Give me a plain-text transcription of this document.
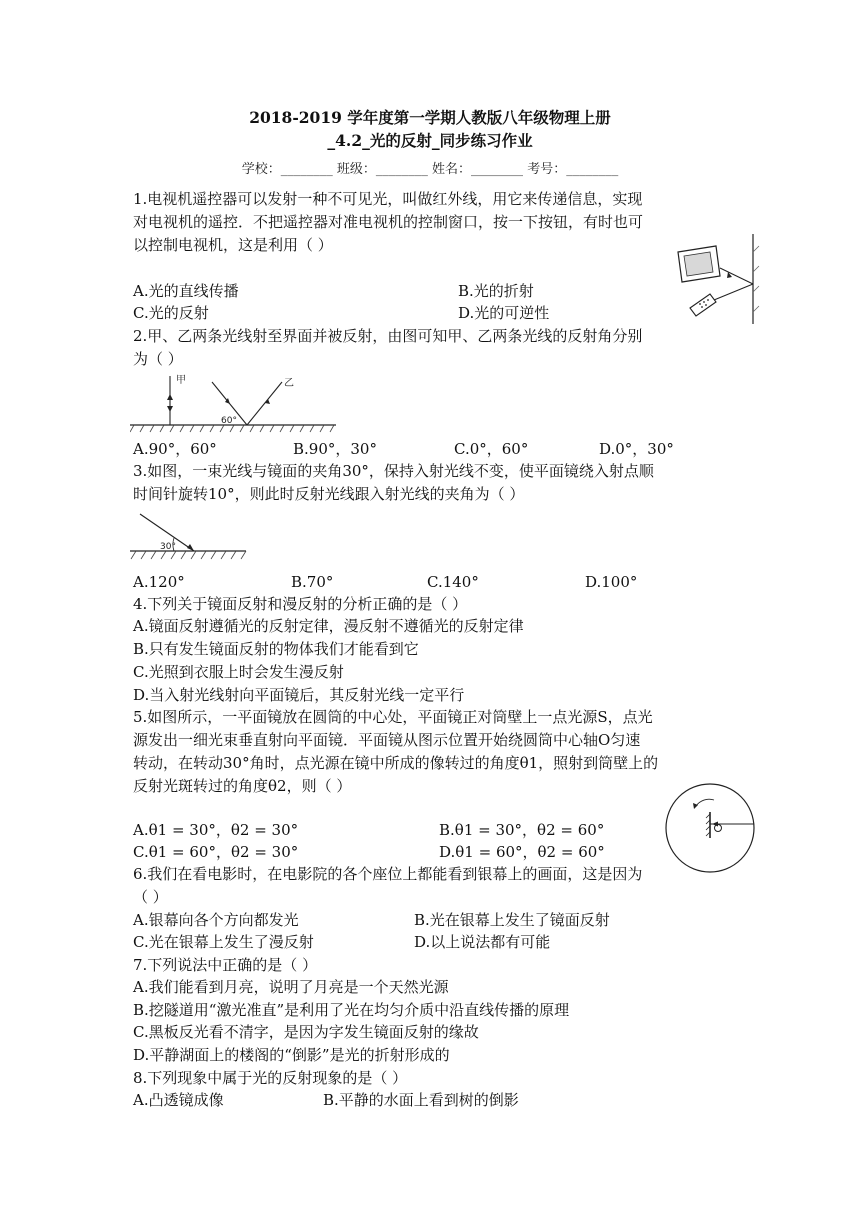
2018-2019 学年度第一学期人教版八年级物理上册
_4.2_光的反射_同步练习作业
学校：________ 班级：________ 姓名：________ 考号：________
1.电视机遥控器可以发射一种不可见光，叫做红外线，用它来传递信息，实现
对电视机的遥控．不把遥控器对准电视机的控制窗口，按一下按钮，有时也可
以控制电视机，这是利用（ ）
A.光的直线传播	B.光的折射
C.光的反射	D.光的可逆性
2.甲、乙两条光线射至界面并被反射，由图可知甲、乙两条光线的反射角分别
为（ ）
甲	乙
60°
A.90°，60°	B.90°，30°	C.0°，60°	D.0°，30°
3.如图，一束光线与镜面的夹角30°，保持入射光线不变，使平面镜绕入射点顺
时间针旋转10°，则此时反射光线跟入射光线的夹角为（ ）
30°
A.120°	B.70°	C.140°	D.100°
4.下列关于镜面反射和漫反射的分析正确的是（ ）
A.镜面反射遵循光的反射定律，漫反射不遵循光的反射定律
B.只有发生镜面反射的物体我们才能看到它
C.光照到衣服上时会发生漫反射
D.当入射光线射向平面镜后，其反射光线一定平行
5.如图所示，一平面镜放在圆筒的中心处，平面镜正对筒壁上一点光源S，点光
源发出一细光束垂直射向平面镜．平面镜从图示位置开始绕圆筒中心轴O匀速
转动，在转动30°角时，点光源在镜中所成的像转过的角度θ1，照射到筒壁上的
反射光斑转过的角度θ2，则（ ）
A.θ1 = 30°，θ2 = 30°	B.θ1 = 30°，θ2 = 60°
C.θ1 = 60°，θ2 = 30°	D.θ1 = 60°，θ2 = 60°
6.我们在看电影时，在电影院的各个座位上都能看到银幕上的画面，这是因为
（ ）
A.银幕向各个方向都发光	B.光在银幕上发生了镜面反射
C.光在银幕上发生了漫反射	D.以上说法都有可能
7.下列说法中正确的是（ ）
A.我们能看到月亮，说明了月亮是一个天然光源
B.挖隧道用“激光准直”是利用了光在均匀介质中沿直线传播的原理
C.黑板反光看不清字，是因为字发生镜面反射的缘故
D.平静湖面上的楼阁的“倒影”是光的折射形成的
8.下列现象中属于光的反射现象的是（ ）
A.凸透镜成像	B.平静的水面上看到树的倒影
